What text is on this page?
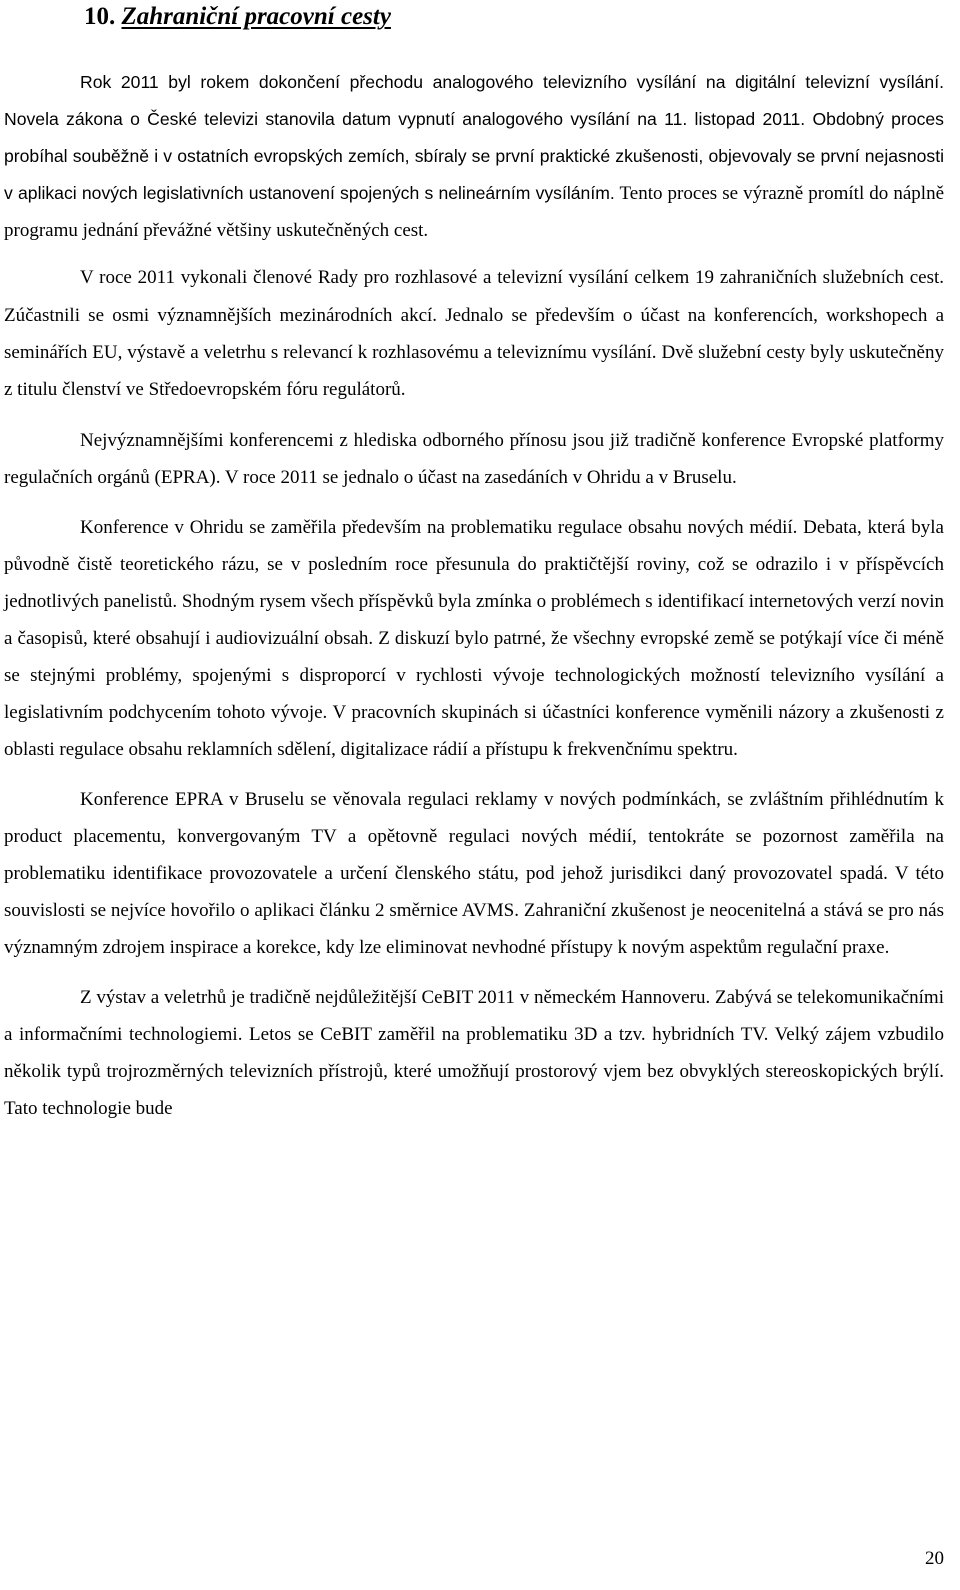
10. Zahraniční pracovní cesty

Rok 2011 byl rokem dokončení přechodu analogového televizního vysílání na digitální televizní vysílání. Novela zákona o České televizi stanovila datum vypnutí analogového vysílání na 11. listopad 2011. Obdobný proces probíhal souběžně i v ostatních evropských zemích, sbíraly se první praktické zkušenosti, objevovaly se první nejasnosti v aplikaci nových legislativních ustanovení spojených s nelineárním vysíláním. Tento proces se výrazně promítl do náplně programu jednání převážné většiny uskutečněných cest.

V roce 2011 vykonali členové Rady pro rozhlasové a televizní vysílání celkem 19 zahraničních služebních cest. Zúčastnili se osmi významnějších mezinárodních akcí. Jednalo se především o účast na konferencích, workshopech a seminářích EU, výstavě a veletrhu s relevancí k rozhlasovému a televiznímu vysílání. Dvě služební cesty byly uskutečněny z titulu členství ve Středoevropském fóru regulátorů.

Nejvýznamnějšími konferencemi z hlediska odborného přínosu jsou již tradičně konference Evropské platformy regulačních orgánů (EPRA). V roce 2011 se jednalo o účast na zasedáních v Ohridu a v Bruselu.

Konference v Ohridu se zaměřila především na problematiku regulace obsahu nových médií. Debata, která byla původně čistě teoretického rázu, se v posledním roce přesunula do praktičtější roviny, což se odrazilo i v příspěvcích jednotlivých panelistů. Shodným rysem všech příspěvků byla zmínka o problémech s identifikací internetových verzí novin a časopisů, které obsahují i audiovizuální obsah. Z diskuzí bylo patrné, že všechny evropské země se potýkají více či méně se stejnými problémy, spojenými s disproporcí v rychlosti vývoje technologických možností televizního vysílání a legislativním podchycením tohoto vývoje. V pracovních skupinách si účastníci konference vyměnili názory a zkušenosti z oblasti regulace obsahu reklamních sdělení, digitalizace rádií a přístupu k frekvenčnímu spektru.

Konference EPRA v Bruselu se věnovala regulaci reklamy v nových podmínkách, se zvláštním přihlédnutím k product placementu, konvergovaným TV a opětovně regulaci nových médií, tentokráte se pozornost zaměřila na problematiku identifikace provozovatele a určení členského státu, pod jehož jurisdikci daný provozovatel spadá. V této souvislosti se nejvíce hovořilo o aplikaci článku 2 směrnice AVMS. Zahraniční zkušenost je neocenitelná a stává se pro nás významným zdrojem inspirace a korekce, kdy lze eliminovat nevhodné přístupy k novým aspektům regulační praxe.

Z výstav a veletrhů je tradičně nejdůležitější CeBIT 2011 v německém Hannoveru. Zabývá se telekomunikačními a informačními technologiemi. Letos se CeBIT zaměřil na problematiku 3D a tzv. hybridních TV. Velký zájem vzbudilo několik typů trojrozměrných televizních přístrojů, které umožňují prostorový vjem bez obvyklých stereoskopických brýlí. Tato technologie bude

20
